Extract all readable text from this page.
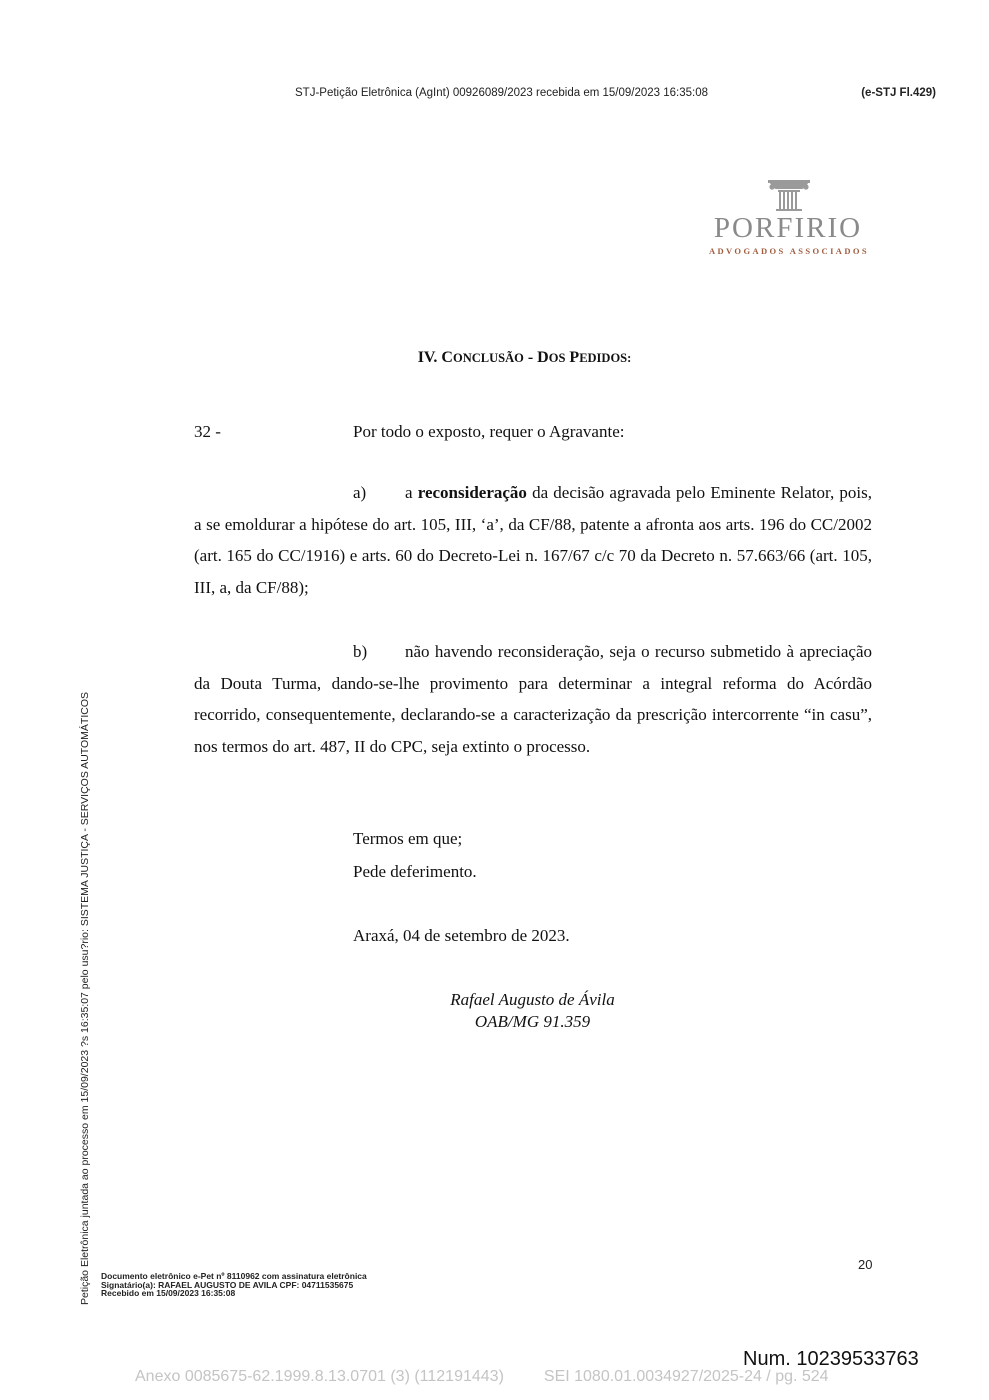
STJ-Petição Eletrônica (AgInt) 00926089/2023 recebida em 15/09/2023 16:35:08	(e-STJ Fl.429)
PORFIRIO
ADVOGADOS ASSOCIADOS
IV. CONCLUSÃO - DOS PEDIDOS:
32 -	Por todo o exposto, requer o Agravante:
a) a reconsideração da decisão agravada pelo Eminente Relator, pois, a se emoldurar a hipótese do art. 105, III, ‘a’, da CF/88, patente a afronta aos arts. 196 do CC/2002 (art. 165 do CC/1916) e arts. 60 do Decreto-Lei n. 167/67 c/c 70 da Decreto n. 57.663/66 (art. 105, III, a, da CF/88);
b) não havendo reconsideração, seja o recurso submetido à apreciação da Douta Turma, dando-se-lhe provimento para determinar a integral reforma do Acórdão recorrido, consequentemente, declarando-se a caracterização da prescrição intercorrente “in casu”, nos termos do art. 487, II do CPC, seja extinto o processo.
Termos em que;
Pede deferimento.
Araxá, 04 de setembro de 2023.
Rafael Augusto de Ávila
OAB/MG 91.359
Petição Eletrônica juntada ao processo em 15/09/2023 ?s 16:35:07 pelo usu?rio: SISTEMA JUSTIÇA - SERVIÇOS AUTOMÁTICOS Documento eletrônico e-Pet nº 8110962 com assinatura eletrônica
Signatário(a): RAFAEL AUGUSTO DE AVILA CPF: 04711535675
Recebido em 15/09/2023 16:35:08
20
Num. 10239533763
Anexo 0085675-62.1999.8.13.0701 (3) (112191443)	SEI 1080.01.0034927/2025-24 / pg. 524
